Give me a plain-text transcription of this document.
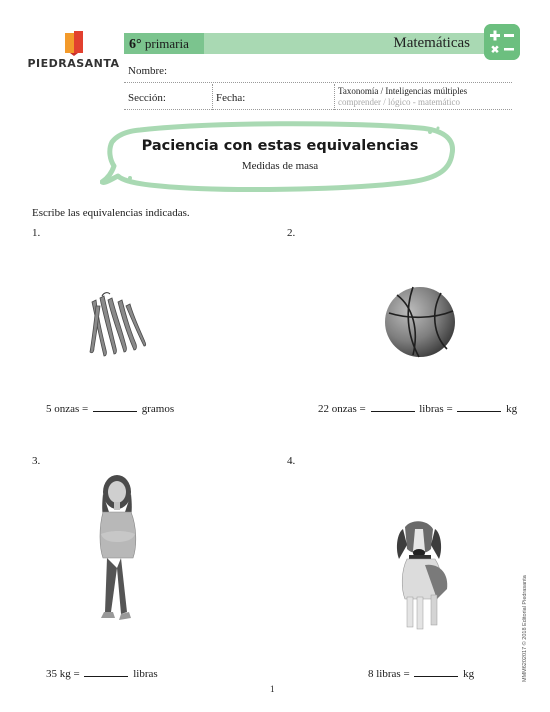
PIEDRASANTA
6° primaria	Matemáticas
Nombre:
Sección:	Fecha:
Taxonomía / Inteligencias múltiples
comprender / lógico - matemático
Paciencia con estas equivalencias
Medidas de masa
Escribe las equivalencias indicadas.
1.
5 onzas =	gramos
2.
22 onzas =	libras =	kg
3.
35 kg =	libras
4.
8 libras =	kg	MMM6202017 © 2018 Editorial Piedrasanta
1
